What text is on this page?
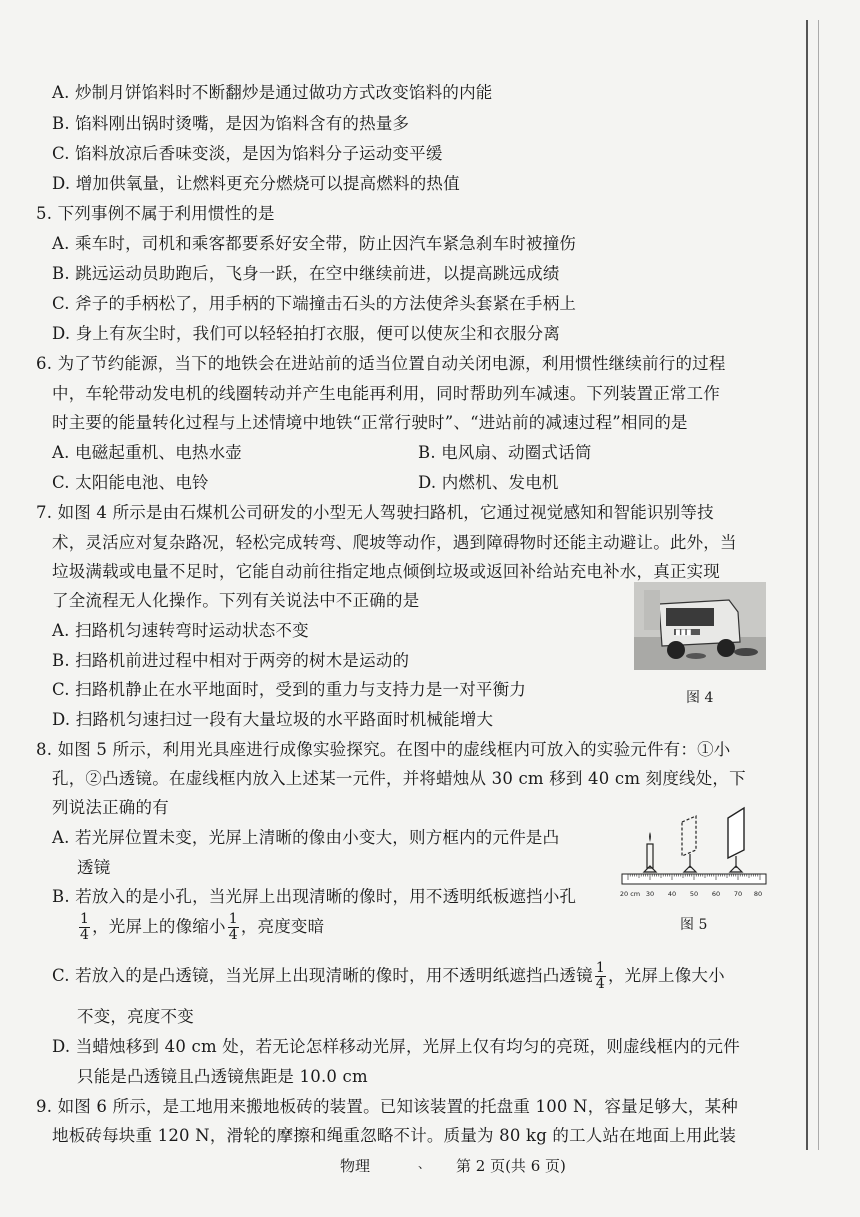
A. 炒制月饼馅料时不断翻炒是通过做功方式改变馅料的内能
B. 馅料刚出锅时烫嘴，是因为馅料含有的热量多
C. 馅料放凉后香味变淡，是因为馅料分子运动变平缓
D. 增加供氧量，让燃料更充分燃烧可以提高燃料的热值
5. 下列事例不属于利用惯性的是
A. 乘车时，司机和乘客都要系好安全带，防止因汽车紧急刹车时被撞伤
B. 跳远运动员助跑后，飞身一跃，在空中继续前进，以提高跳远成绩
C. 斧子的手柄松了，用手柄的下端撞击石头的方法使斧头套紧在手柄上
D. 身上有灰尘时，我们可以轻轻拍打衣服，便可以使灰尘和衣服分离
6. 为了节约能源，当下的地铁会在进站前的适当位置自动关闭电源，利用惯性继续前行的过程
中，车轮带动发电机的线圈转动并产生电能再利用，同时帮助列车减速。下列装置正常工作
时主要的能量转化过程与上述情境中地铁“正常行驶时”、“进站前的减速过程”相同的是
A. 电磁起重机、电热水壶	B. 电风扇、动圈式话筒
C. 太阳能电池、电铃	D. 内燃机、发电机
7. 如图 4 所示是由石煤机公司研发的小型无人驾驶扫路机，它通过视觉感知和智能识别等技
术，灵活应对复杂路况，轻松完成转弯、爬坡等动作，遇到障碍物时还能主动避让。此外，当
垃圾满载或电量不足时，它能自动前往指定地点倾倒垃圾或返回补给站充电补水，真正实现
了全流程无人化操作。下列有关说法中不正确的是
A. 扫路机匀速转弯时运动状态不变
B. 扫路机前进过程中相对于两旁的树木是运动的
C. 扫路机静止在水平地面时，受到的重力与支持力是一对平衡力
D. 扫路机匀速扫过一段有大量垃圾的水平路面时机械能增大
█ █ █
图 4
8. 如图 5 所示，利用光具座进行成像实验探究。在图中的虚线框内可放入的实验元件有：①小
孔，②凸透镜。在虚线框内放入上述某一元件，并将蜡烛从 30 cm 移到 40 cm 刻度线处，下
列说法正确的有
A. 若光屏位置未变，光屏上清晰的像由小变大，则方框内的元件是凸
透镜
B. 若放入的是小孔，当光屏上出现清晰的像时，用不透明纸板遮挡小孔
$\frac{1}{4}$ ，光屏上的像缩小 $\frac{1}{4}$ ，亮度变暗
C. 若放入的是凸透镜，当光屏上出现清晰的像时，用不透明纸遮挡凸透镜 $\frac{1}{4}$ ，光屏上像大小
不变，亮度不变
D. 当蜡烛移到 40 cm 处，若无论怎样移动光屏，光屏上仅有均匀的亮斑，则虚线框内的元件
只能是凸透镜且凸透镜焦距是 10.0 cm
20 cm 30 40 50 60 70 80
图 5
9. 如图 6 所示，是工地用来搬地板砖的装置。已知该装置的托盘重 100 N，容量足够大，某种
地板砖每块重 120 N，滑轮的摩擦和绳重忽略不计。质量为 80 kg 的工人站在地面上用此装
物理	、 第 2 页(共 6 页)
